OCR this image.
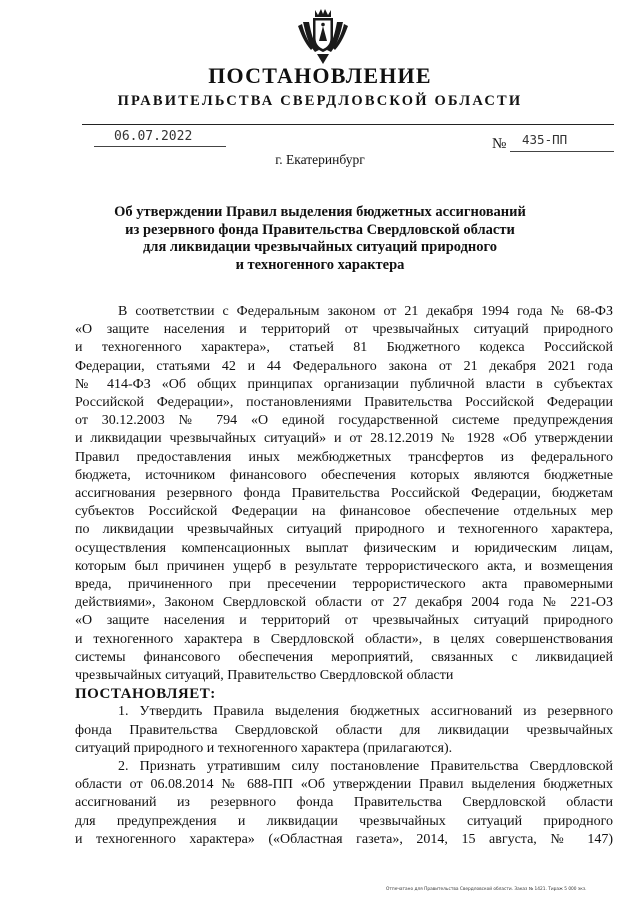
ПОСТАНОВЛЕНИЕ
ПРАВИТЕЛЬСТВА СВЕРДЛОВСКОЙ ОБЛАСТИ
06.07.2022	№ 435-ПП
г. Екатеринбург
Об утверждении Правил выделения бюджетных ассигнований
из резервного фонда Правительства Свердловской области
для ликвидации чрезвычайных ситуаций природного
и техногенного характера
В соответствии с Федеральным законом от 21 декабря 1994 года № 68-ФЗ
«О защите населения и территорий от чрезвычайных ситуаций природного
и техногенного характера», статьей 81 Бюджетного кодекса Российской
Федерации, статьями 42 и 44 Федерального закона от 21 декабря 2021 года
№ 414-ФЗ «Об общих принципах организации публичной власти в субъектах
Российской Федерации», постановлениями Правительства Российской Федерации
от 30.12.2003 № 794 «О единой государственной системе предупреждения
и ликвидации чрезвычайных ситуаций» и от 28.12.2019 № 1928 «Об утверждении
Правил предоставления иных межбюджетных трансфертов из федерального
бюджета, источником финансового обеспечения которых являются бюджетные
ассигнования резервного фонда Правительства Российской Федерации, бюджетам
субъектов Российской Федерации на финансовое обеспечение отдельных мер
по ликвидации чрезвычайных ситуаций природного и техногенного характера,
осуществления компенсационных выплат физическим и юридическим лицам,
которым был причинен ущерб в результате террористического акта, и возмещения
вреда, причиненного при пресечении террористического акта правомерными
действиями», Законом Свердловской области от 27 декабря 2004 года № 221-ОЗ
«О защите населения и территорий от чрезвычайных ситуаций природного
и техногенного характера в Свердловской области», в целях совершенствования
системы финансового обеспечения мероприятий, связанных с ликвидацией
чрезвычайных ситуаций, Правительство Свердловской области
ПОСТАНОВЛЯЕТ:
1. Утвердить Правила выделения бюджетных ассигнований из резервного
фонда Правительства Свердловской области для ликвидации чрезвычайных
ситуаций природного и техногенного характера (прилагаются).
2. Признать утратившим силу постановление Правительства Свердловской
области от 06.08.2014 № 688-ПП «Об утверждении Правил выделения бюджетных
ассигнований из резервного фонда Правительства Свердловской области
для предупреждения и ликвидации чрезвычайных ситуаций природного
и техногенного характера» («Областная газета», 2014, 15 августа, № 147)
Отпечатано для Правительства Свердловской области. Заказ № 1421. Тираж 5 000 экз.
